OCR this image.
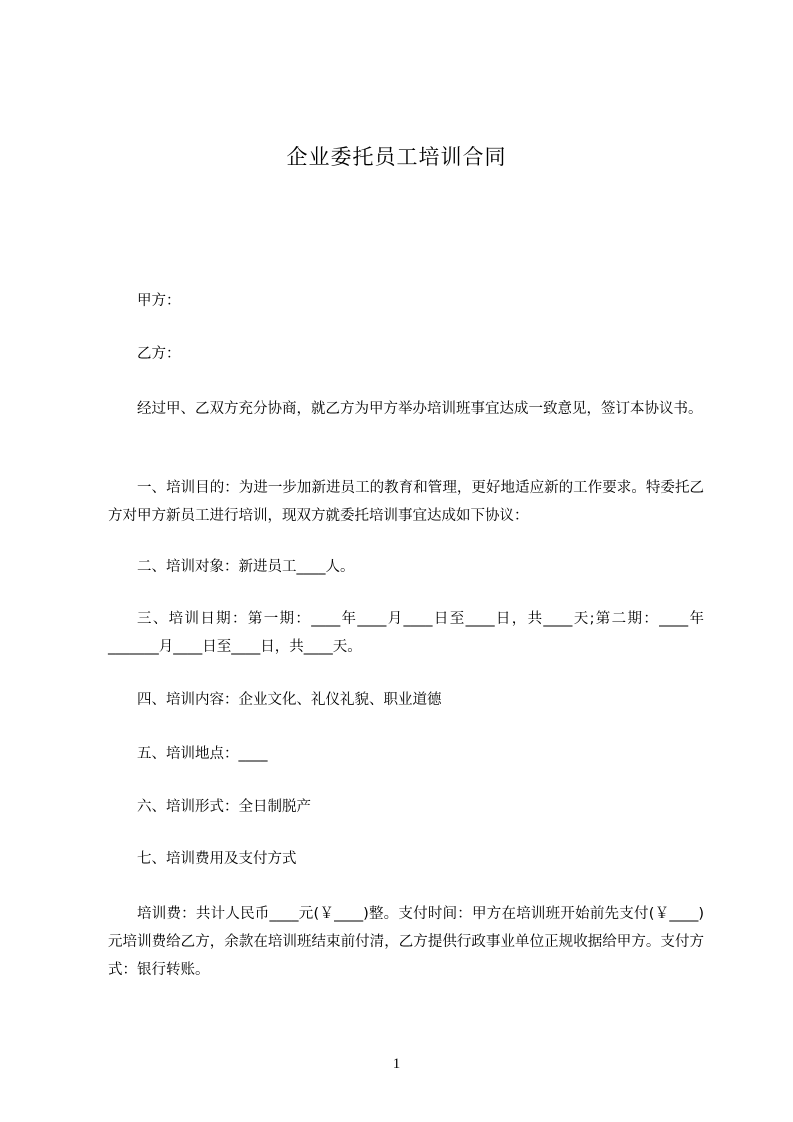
企业委托员工培训合同
甲方：
乙方：
经过甲、乙双方充分协商，就乙方为甲方举办培训班事宜达成一致意见，签订本协议书。
一、培训目的：为进一步加新进员工的教育和管理，更好地适应新的工作要求。特委托乙方对甲方新员工进行培训，现双方就委托培训事宜达成如下协议：
二、培训对象：新进员工____人。
三、培训日期：第一期：____年____月____日至____日，共____天;第二期：____年_______月____日至____日，共____天。
四、培训内容：企业文化、礼仪礼貌、职业道德
五、培训地点：____
六、培训形式：全日制脱产
七、培训费用及支付方式
培训费：共计人民币____元(￥____)整。支付时间：甲方在培训班开始前先支付(￥____)元培训费给乙方，余款在培训班结束前付清，乙方提供行政事业单位正规收据给甲方。支付方式：银行转账。
1
